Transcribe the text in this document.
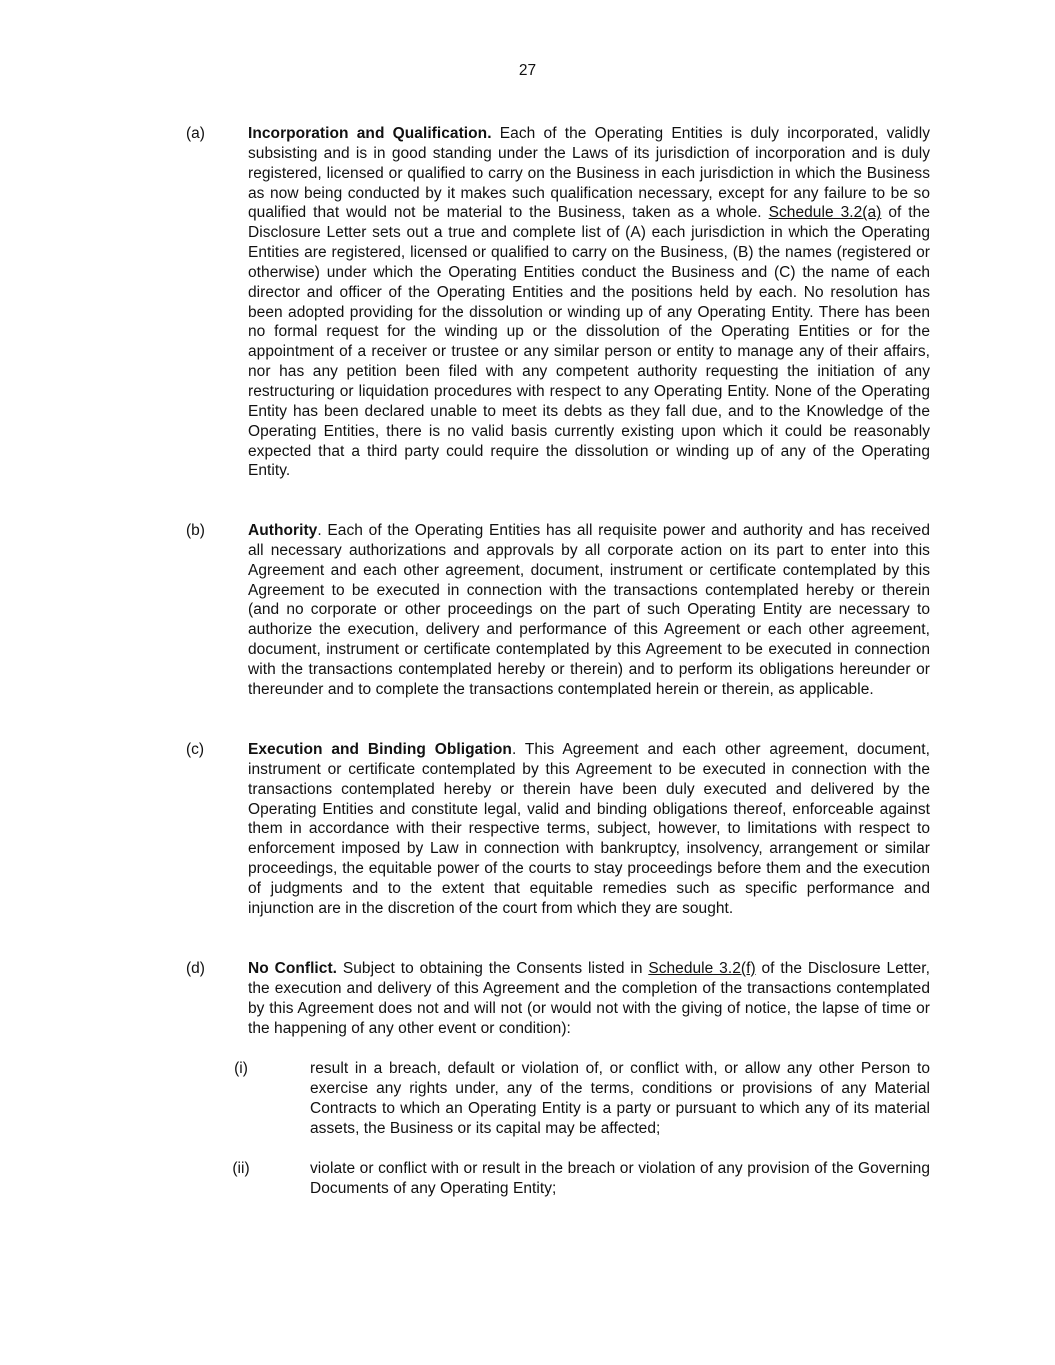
27
(a)	Incorporation and Qualification. Each of the Operating Entities is duly incorporated, validly subsisting and is in good standing under the Laws of its jurisdiction of incorporation and is duly registered, licensed or qualified to carry on the Business in each jurisdiction in which the Business as now being conducted by it makes such qualification necessary, except for any failure to be so qualified that would not be material to the Business, taken as a whole. Schedule 3.2(a) of the Disclosure Letter sets out a true and complete list of (A) each jurisdiction in which the Operating Entities are registered, licensed or qualified to carry on the Business, (B) the names (registered or otherwise) under which the Operating Entities conduct the Business and (C) the name of each director and officer of the Operating Entities and the positions held by each. No resolution has been adopted providing for the dissolution or winding up of any Operating Entity. There has been no formal request for the winding up or the dissolution of the Operating Entities or for the appointment of a receiver or trustee or any similar person or entity to manage any of their affairs, nor has any petition been filed with any competent authority requesting the initiation of any restructuring or liquidation procedures with respect to any Operating Entity. None of the Operating Entity has been declared unable to meet its debts as they fall due, and to the Knowledge of the Operating Entities, there is no valid basis currently existing upon which it could be reasonably expected that a third party could require the dissolution or winding up of any of the Operating Entity.
(b)	Authority. Each of the Operating Entities has all requisite power and authority and has received all necessary authorizations and approvals by all corporate action on its part to enter into this Agreement and each other agreement, document, instrument or certificate contemplated by this Agreement to be executed in connection with the transactions contemplated hereby or therein (and no corporate or other proceedings on the part of such Operating Entity are necessary to authorize the execution, delivery and performance of this Agreement or each other agreement, document, instrument or certificate contemplated by this Agreement to be executed in connection with the transactions contemplated hereby or therein) and to perform its obligations hereunder or thereunder and to complete the transactions contemplated herein or therein, as applicable.
(c)	Execution and Binding Obligation. This Agreement and each other agreement, document, instrument or certificate contemplated by this Agreement to be executed in connection with the transactions contemplated hereby or therein have been duly executed and delivered by the Operating Entities and constitute legal, valid and binding obligations thereof, enforceable against them in accordance with their respective terms, subject, however, to limitations with respect to enforcement imposed by Law in connection with bankruptcy, insolvency, arrangement or similar proceedings, the equitable power of the courts to stay proceedings before them and the execution of judgments and to the extent that equitable remedies such as specific performance and injunction are in the discretion of the court from which they are sought.
(d)	No Conflict. Subject to obtaining the Consents listed in Schedule 3.2(f) of the Disclosure Letter, the execution and delivery of this Agreement and the completion of the transactions contemplated by this Agreement does not and will not (or would not with the giving of notice, the lapse of time or the happening of any other event or condition):
(i)	result in a breach, default or violation of, or conflict with, or allow any other Person to exercise any rights under, any of the terms, conditions or provisions of any Material Contracts to which an Operating Entity is a party or pursuant to which any of its material assets, the Business or its capital may be affected;
(ii)	violate or conflict with or result in the breach or violation of any provision of the Governing Documents of any Operating Entity;
